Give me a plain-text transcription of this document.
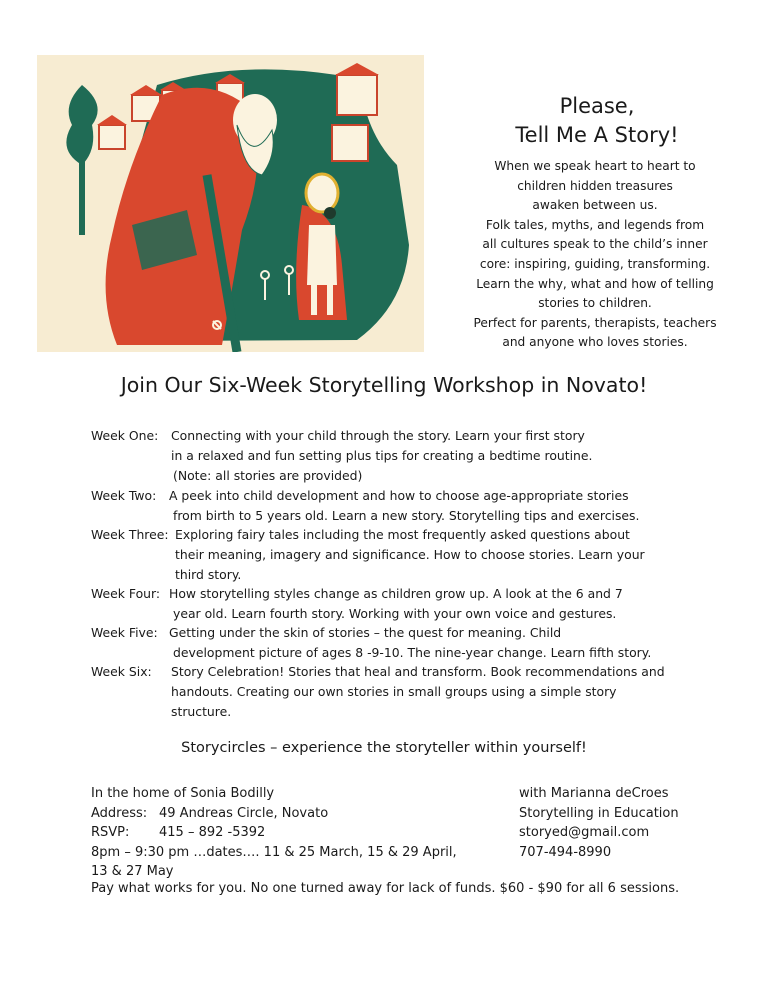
Please,
Tell Me A Story!
When we speak heart to heart to
children hidden treasures
awaken between us.
Folk tales, myths, and legends from
all cultures speak to the child’s inner
core: inspiring, guiding, transforming.
Learn the why, what and how of telling
stories to children.
Perfect for parents, therapists, teachers
and anyone who loves stories.
Join Our Six-Week Storytelling Workshop in Novato!
Week One: Connecting with your child through the story. Learn your first story
in a relaxed and fun setting plus tips for creating a bedtime routine.
(Note: all stories are provided)
Week Two: A peek into child development and how to choose age-appropriate stories
from birth to 5 years old. Learn a new story. Storytelling tips and exercises.
Week Three: Exploring fairy tales including the most frequently asked questions about
their meaning, imagery and significance. How to choose stories. Learn your
third story.
Week Four: How storytelling styles change as children grow up. A look at the 6 and 7
year old. Learn fourth story. Working with your own voice and gestures.
Week Five: Getting under the skin of stories – the quest for meaning. Child
development picture of ages 8 -9-10. The nine-year change. Learn fifth story.
Week Six: Story Celebration! Stories that heal and transform. Book recommendations and
handouts. Creating our own stories in small groups using a simple story
structure.
Storycircles – experience the storyteller within yourself!
In the home of Sonia Bodilly
Address: 49 Andreas Circle, Novato
RSVP: 415 – 892 -5392
8pm – 9:30 pm …dates…. 11 & 25 March, 15 & 29 April,
13 & 27 May
with Marianna deCroes
Storytelling in Education
storyed@gmail.com
707-494-8990
Pay what works for you. No one turned away for lack of funds. $60 - $90 for all 6 sessions.
